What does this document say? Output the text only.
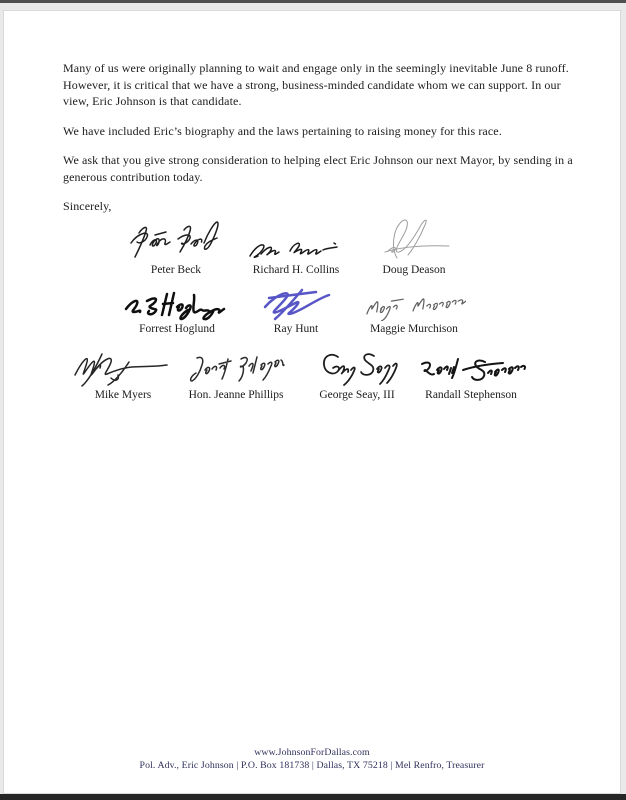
Many of us were originally planning to wait and engage only in the seemingly inevitable June 8 runoff. However, it is critical that we have a strong, business-minded candidate whom we can support. In our view, Eric Johnson is that candidate.

We have included Eric’s biography and the laws pertaining to raising money for this race.

We ask that you give strong consideration to helping elect Eric Johnson our next Mayor, by sending in a generous contribution today.

Sincerely,

Peter Beck	Richard H. Collins	Doug Deason
Forrest Hoglund	Ray Hunt	Maggie Murchison
Mike Myers	Hon. Jeanne Phillips	George Seay, III	Randall Stephenson
www.JohnsonForDallas.com
Pol. Adv., Eric Johnson | P.O. Box 181738 | Dallas, TX 75218 | Mel Renfro, Treasurer
